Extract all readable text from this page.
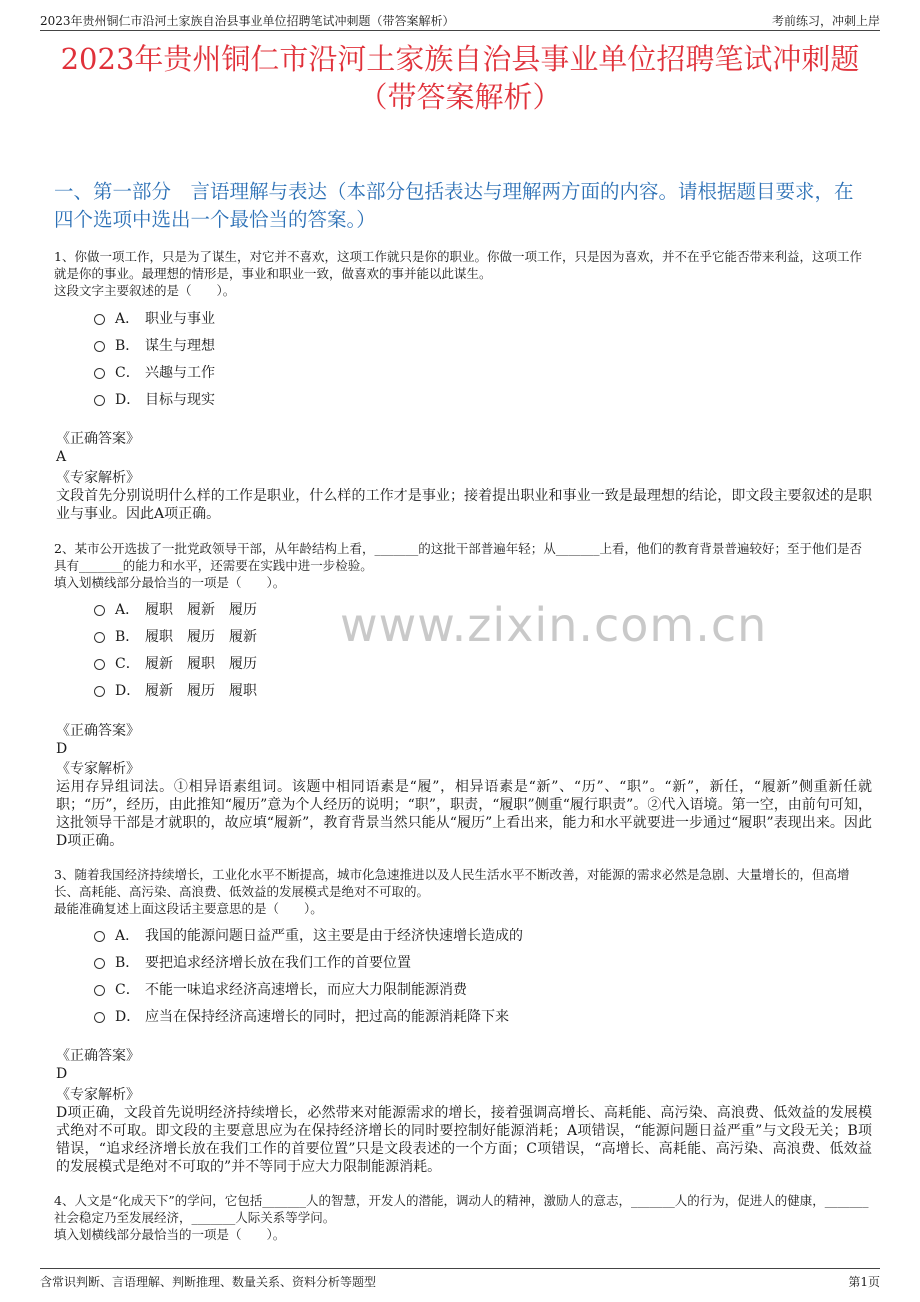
2023年贵州铜仁市沿河土家族自治县事业单位招聘笔试冲刺题（带答案解析）	考前练习，冲刺上岸
2023年贵州铜仁市沿河土家族自治县事业单位招聘笔试冲刺题
（带答案解析）
一、第一部分　言语理解与表达（本部分包括表达与理解两方面的内容。请根据题目要求，在四个选项中选出一个最恰当的答案。）
www.zixin.com.cn
1、你做一项工作，只是为了谋生，对它并不喜欢，这项工作就只是你的职业。你做一项工作，只是因为喜欢，并不在乎它能否带来利益，这项工作就是你的事业。最理想的情形是，事业和职业一致，做喜欢的事并能以此谋生。
这段文字主要叙述的是（　　）。
A． 职业与事业
B． 谋生与理想
C． 兴趣与工作
D． 目标与现实
《正确答案》
A
《专家解析》
文段首先分别说明什么样的工作是职业，什么样的工作才是事业；接着提出职业和事业一致是最理想的结论，即文段主要叙述的是职业与事业。因此A项正确。
2、某市公开选拔了一批党政领导干部，从年龄结构上看，_______的这批干部普遍年轻；从_______上看，他们的教育背景普遍较好；至于他们是否具有_______的能力和水平，还需要在实践中进一步检验。
填入划横线部分最恰当的一项是（　　）。
A． 履职　履新　履历
B． 履职　履历　履新
C． 履新　履职　履历
D． 履新　履历　履职
《正确答案》
D
《专家解析》
运用存异组词法。①相异语素组词。该题中相同语素是“履”，相异语素是“新”、“历”、“职”。“新”，新任，“履新”侧重新任就职；“历”，经历，由此推知“履历”意为个人经历的说明；“职”，职责，“履职”侧重“履行职责”。②代入语境。第一空，由前句可知，这批领导干部是才就职的，故应填“履新”，教育背景当然只能从“履历”上看出来，能力和水平就要进一步通过“履职”表现出来。因此D项正确。
3、随着我国经济持续增长，工业化水平不断提高，城市化急速推进以及人民生活水平不断改善，对能源的需求必然是急剧、大量增长的，但高增长、高耗能、高污染、高浪费、低效益的发展模式是绝对不可取的。
最能准确复述上面这段话主要意思的是（　　）。
A． 我国的能源问题日益严重，这主要是由于经济快速增长造成的
B． 要把追求经济增长放在我们工作的首要位置
C． 不能一味追求经济高速增长，而应大力限制能源消费
D． 应当在保持经济高速增长的同时，把过高的能源消耗降下来
《正确答案》
D
《专家解析》
D项正确，文段首先说明经济持续增长，必然带来对能源需求的增长，接着强调高增长、高耗能、高污染、高浪费、低效益的发展模式绝对不可取。即文段的主要意思应为在保持经济增长的同时要控制好能源消耗；A项错误，“能源问题日益严重”与文段无关；B项错误，“追求经济增长放在我们工作的首要位置”只是文段表述的一个方面；C项错误，“高增长、高耗能、高污染、高浪费、低效益的发展模式是绝对不可取的”并不等同于应大力限制能源消耗。
4、人文是“化成天下”的学问，它包括_______人的智慧，开发人的潜能，调动人的精神，激励人的意志，_______人的行为，促进人的健康，_______社会稳定乃至发展经济，_______人际关系等学问。
填入划横线部分最恰当的一项是（　　）。
含常识判断、言语理解、判断推理、数量关系、资料分析等题型	第1页
